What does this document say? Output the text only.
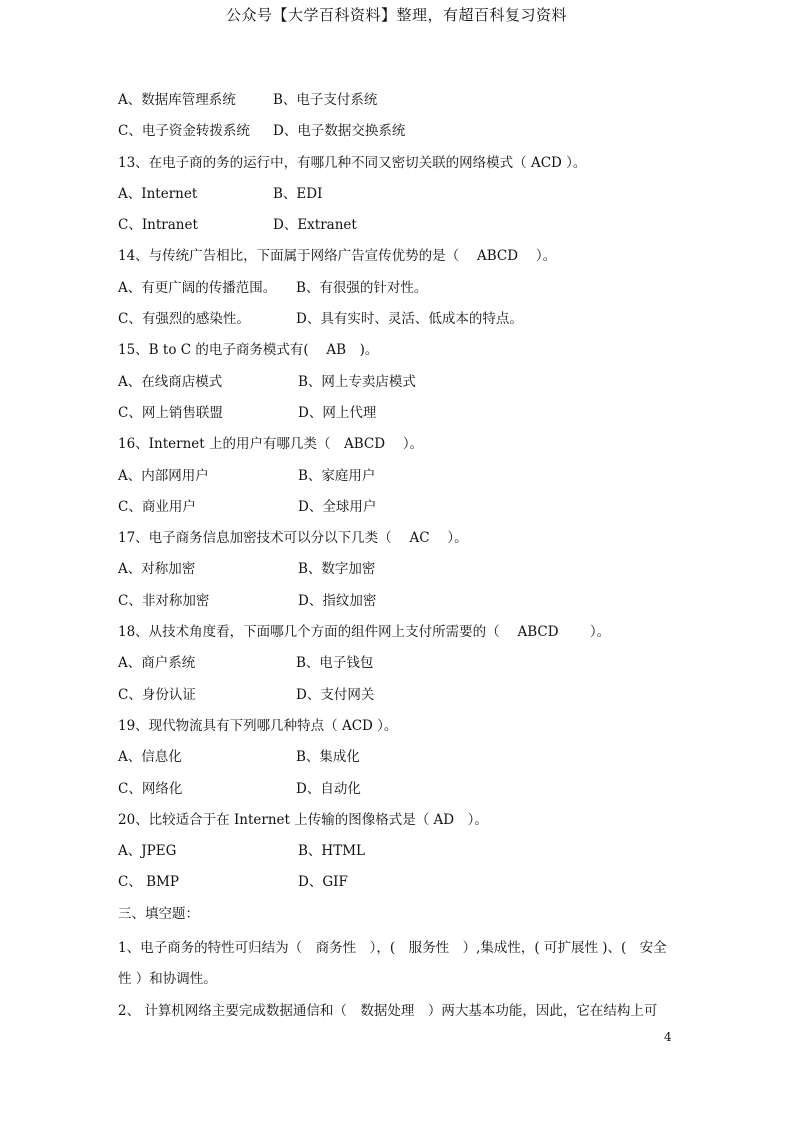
公众号【大学百科资料】整理，有超百科复习资料
A、数据库管理系统	B、电子支付系统
C、电子资金转拨系统	D、电子数据交换系统
13、在电子商的务的运行中，有哪几种不同又密切关联的网络模式（ ACD ）。
A、Internet	B、EDI
C、Intranet	D、Extranet
14、与传统广告相比，下面属于网络广告宣传优势的是（　 ABCD　 ）。
A、有更广阔的传播范围。	B、有很强的针对性。
C、有强烈的感染性。	D、具有实时、灵活、低成本的特点。
15、B to C 的电子商务模式有(　 AB　)。
A、在线商店模式	B、网上专卖店模式
C、网上销售联盟	D、网上代理
16、Internet 上的用户有哪几类（　ABCD　 ）。
A、内部网用户	B、家庭用户
C、商业用户	D、全球用户
17、电子商务信息加密技术可以分以下几类（　 AC　 ）。
A、对称加密	B、数字加密
C、非对称加密	D、指纹加密
18、从技术角度看，下面哪几个方面的组件网上支付所需要的（　 ABCD　　 ）。
A、商户系统	B、电子钱包
C、身份认证	D、支付网关
19、现代物流具有下列哪几种特点（ ACD ）。
A、信息化	B、集成化
C、网络化	D、自动化
20、比较适合于在 Internet 上传输的图像格式是（ AD　）。
A、JPEG	B、HTML
C、 BMP	D、GIF
三、填空题：
1、电子商务的特性可归结为（　商务性　），(　服务性　）,集成性，( 可扩展性 )、(　安全性 ）和协调性。
2、 计算机网络主要完成数据通信和（　数据处理　）两大基本功能，因此，它在结构上可
4
